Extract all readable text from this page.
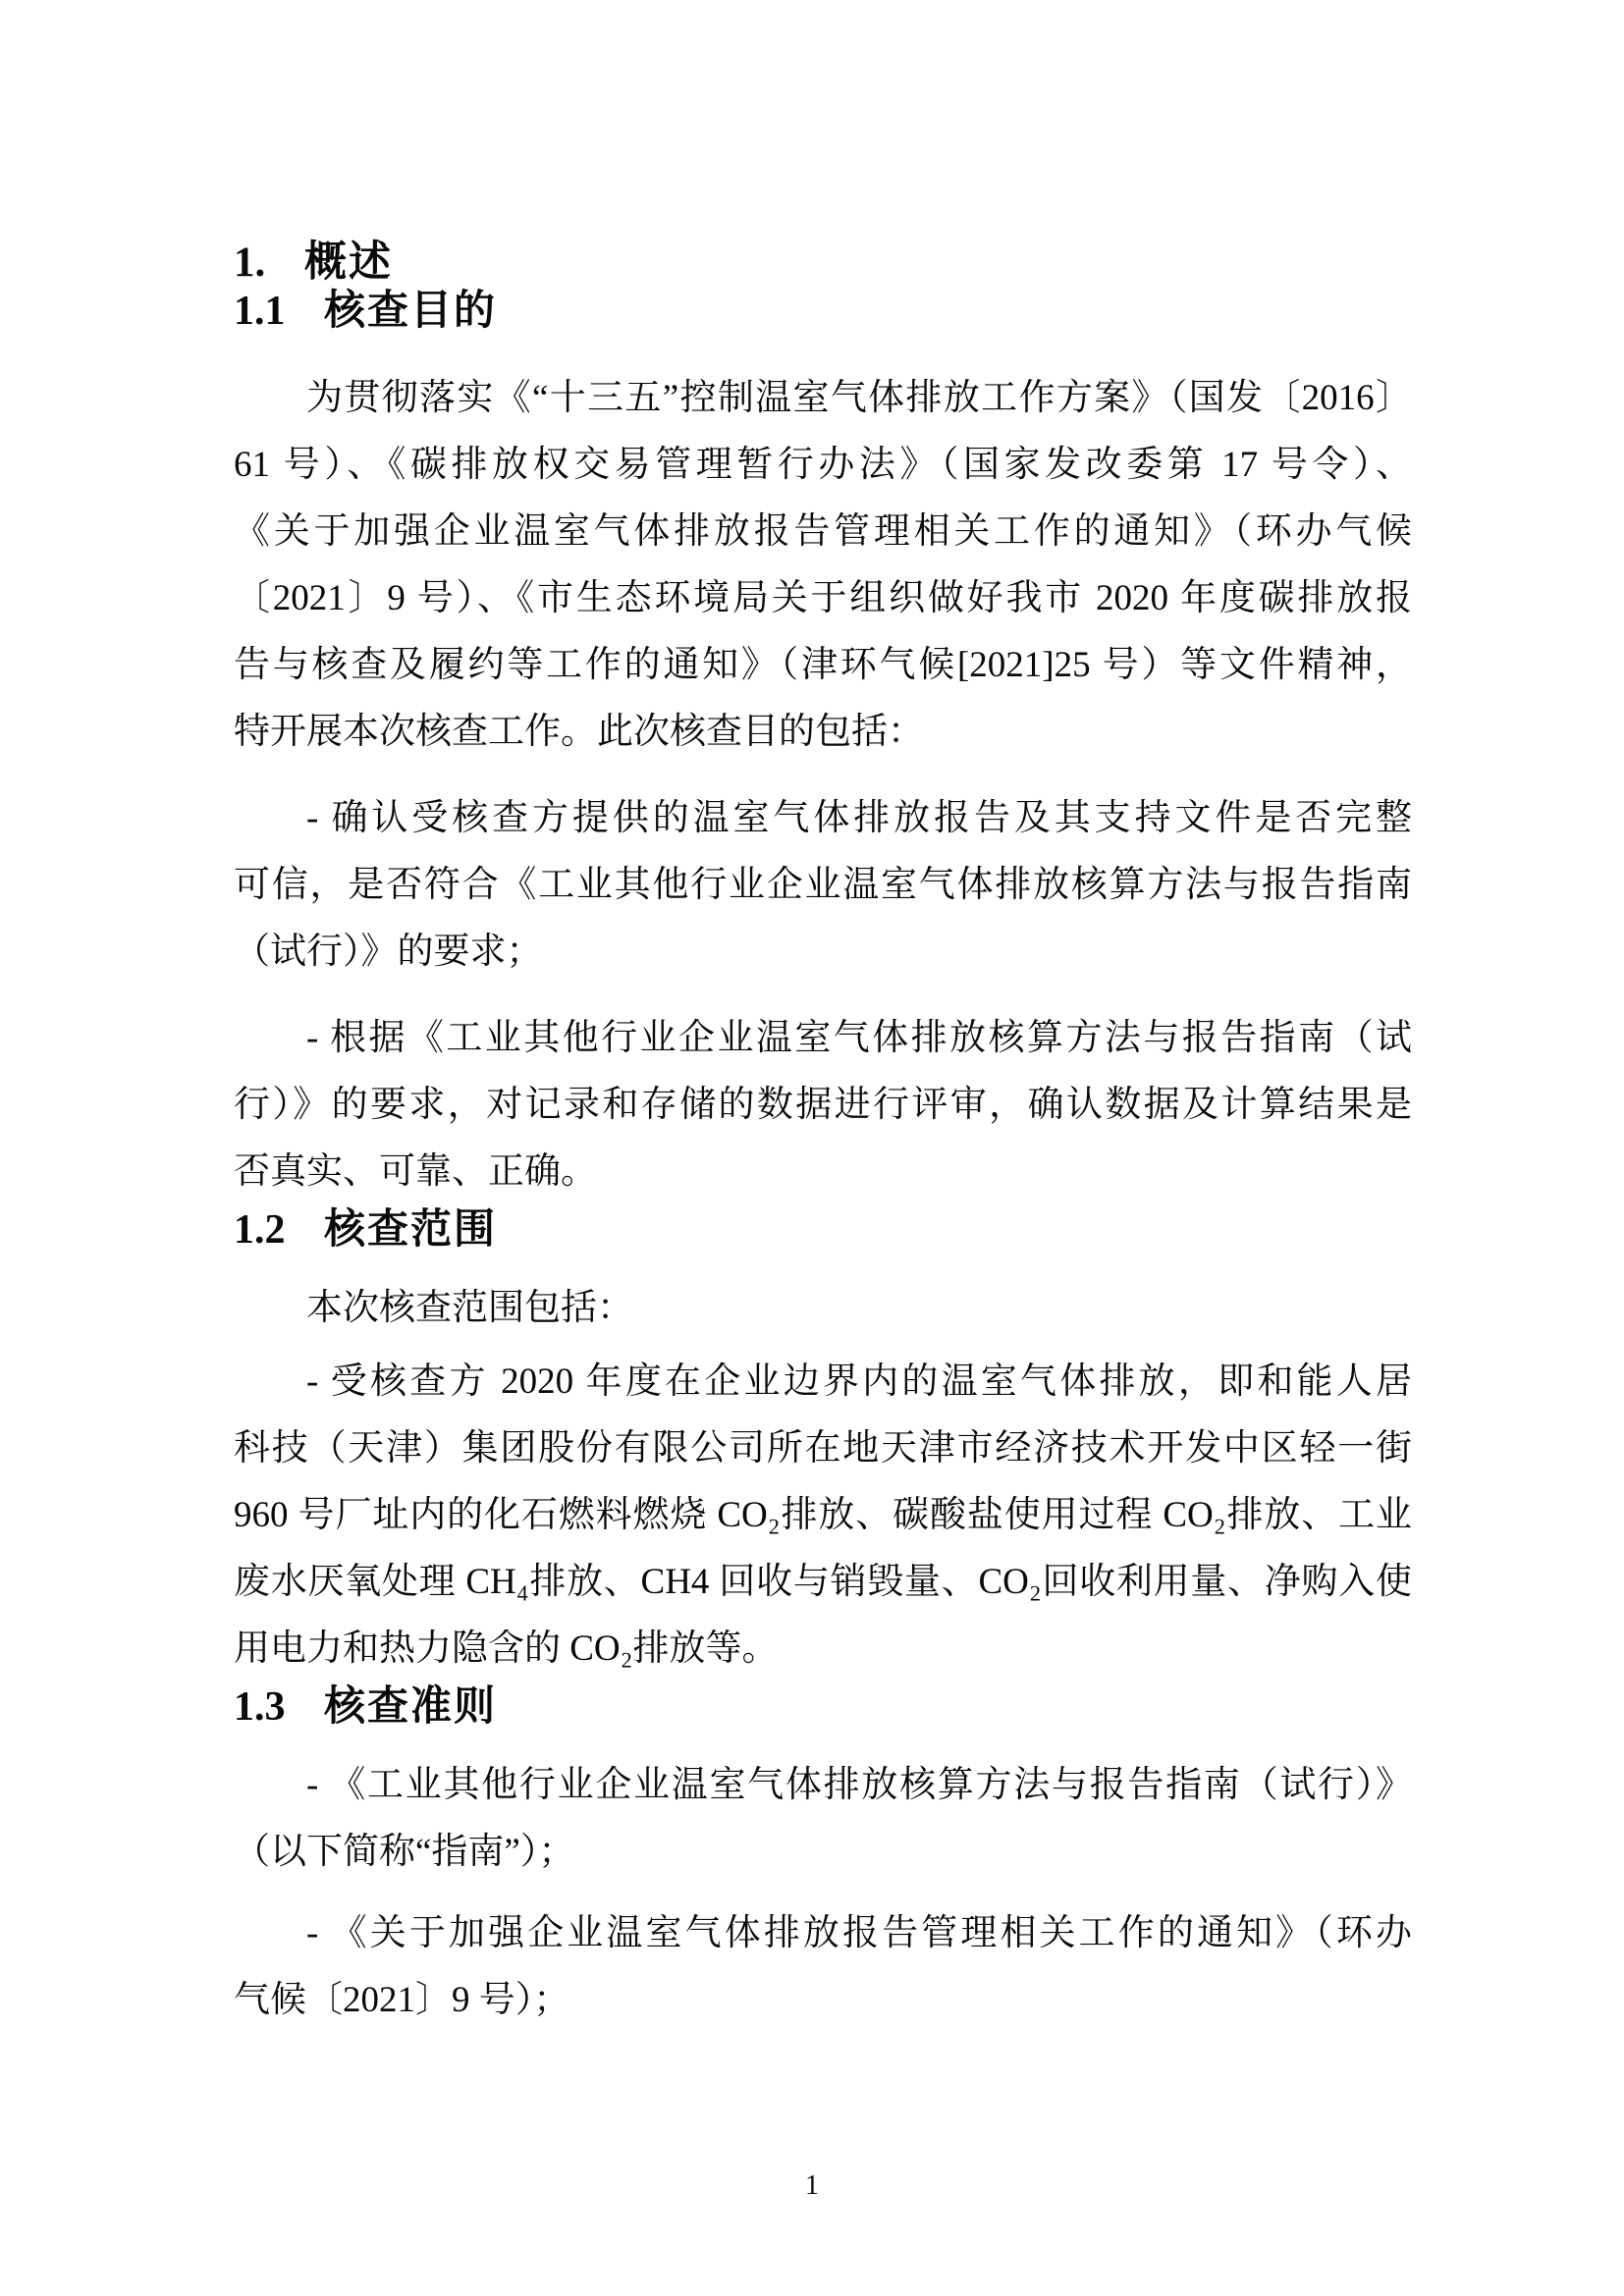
1. 概述
1.1 核查目的
为贯彻落实《“十三五”控制温室气体排放工作方案》（国发〔2016〕
61 号）、《碳排放权交易管理暂行办法》（国家发改委第 17 号令）、
《关于加强企业温室气体排放报告管理相关工作的通知》（环办气候
〔2021〕9 号）、《市生态环境局关于组织做好我市 2020 年度碳排放报
告与核查及履约等工作的通知》（津环气候[2021]25 号）等文件精神，
特开展本次核查工作。此次核查目的包括：
- 确认受核查方提供的温室气体排放报告及其支持文件是否完整
可信，是否符合《工业其他行业企业温室气体排放核算方法与报告指南
（试行）》的要求；
- 根据《工业其他行业企业温室气体排放核算方法与报告指南（试
行）》的要求，对记录和存储的数据进行评审，确认数据及计算结果是
否真实、可靠、正确。
1.2 核查范围
本次核查范围包括：
- 受核查方 2020 年度在企业边界内的温室气体排放，即和能人居
科技（天津）集团股份有限公司所在地天津市经济技术开发中区轻一街
960 号厂址内的化石燃料燃烧 CO₂排放、碳酸盐使用过程 CO₂排放、工业
废水厌氧处理 CH₄排放、CH4 回收与销毁量、CO₂回收利用量、净购入使
用电力和热力隐含的 CO₂排放等。
1.3 核查准则
- 《工业其他行业企业温室气体排放核算方法与报告指南（试行）》
（以下简称“指南”）；
- 《关于加强企业温室气体排放报告管理相关工作的通知》（环办
气候〔2021〕9 号）；
1
